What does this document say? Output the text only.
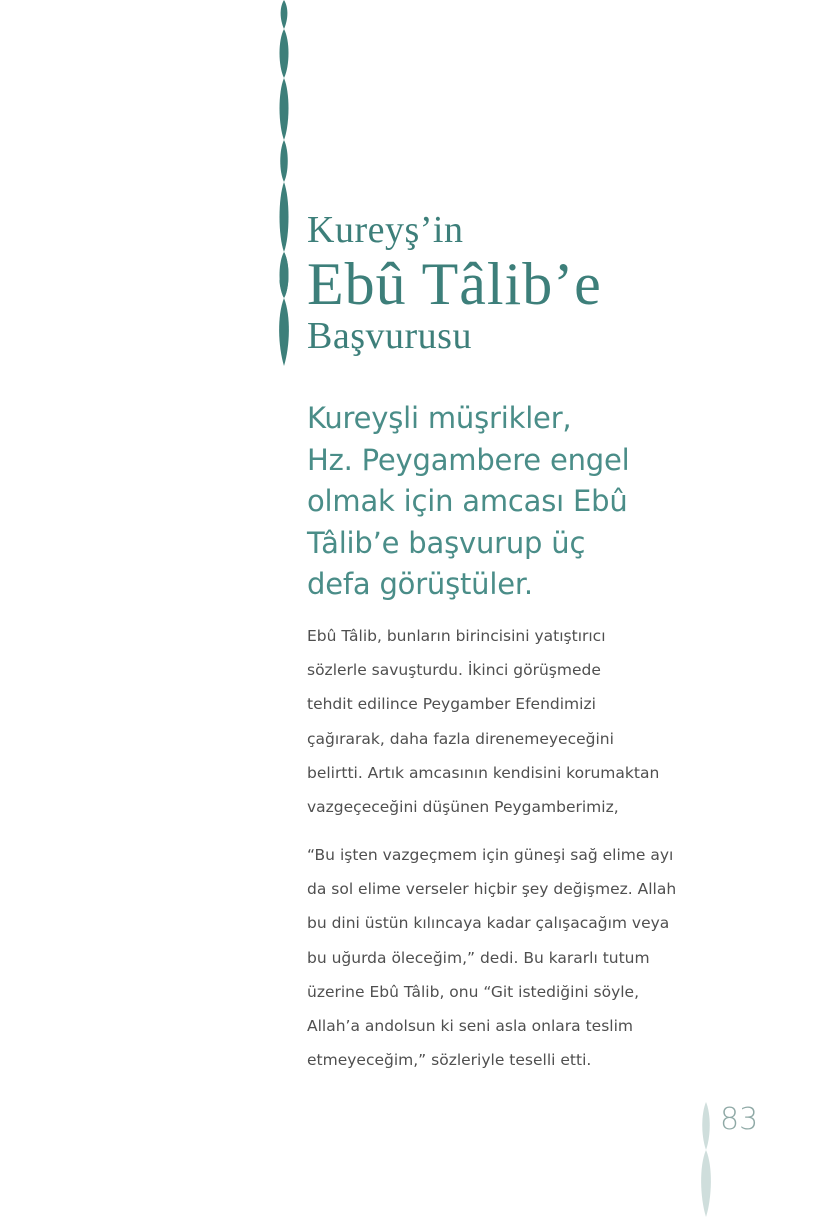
Kureyş’in
Ebû Tâlib’e
Başvurusu

Kureyşli müşrikler,
Hz. Peygambere engel
olmak için amcası Ebû
Tâlib’e başvurup üç
defa görüştüler.

Ebû Tâlib, bunların birincisini yatıştırıcı
sözlerle savuşturdu. İkinci görüşmede
tehdit edilince Peygamber Efendimizi
çağırarak, daha fazla direnemeyeceğini
belirtti. Artık amcasının kendisini korumaktan
vazgeçeceğini düşünen Peygamberimiz,

“Bu işten vazgeçmem için güneşi sağ elime ayı
da sol elime verseler hiçbir şey değişmez. Allah
bu dini üstün kılıncaya kadar çalışacağım veya
bu uğurda öleceğim,” dedi. Bu kararlı tutum
üzerine Ebû Tâlib, onu “Git istediğini söyle,
Allah’a andolsun ki seni asla onlara teslim
etmeyeceğim,” sözleriyle teselli etti.

83
